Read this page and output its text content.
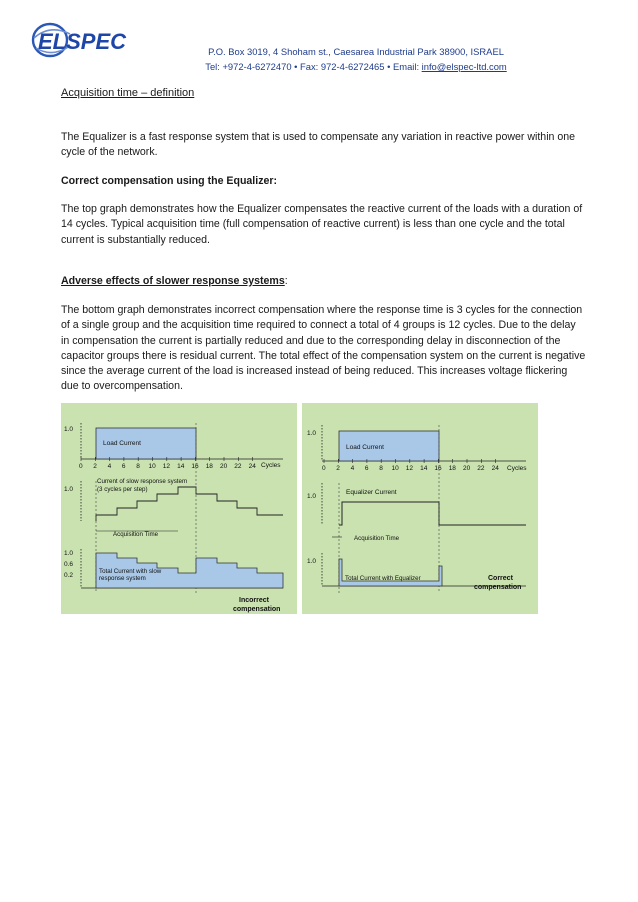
ELSPEC	P.O. Box 3019, 4 Shoham st., Caesarea Industrial Park 38900, ISRAEL
Tel: +972-4-6272470 • Fax: 972-4-6272465 • Email: info@elspec-ltd.com
Acquisition time – definition
The Equalizer is a fast response system that is used to compensate any variation in reactive power within one cycle of the network.
Correct compensation using the Equalizer:
The top graph demonstrates how the Equalizer compensates the reactive current of the loads with a duration of 14 cycles. Typical acquisition time (full compensation of reactive current) is less than one cycle and the total current is substantially reduced.
Adverse effects of slower response systems:
The bottom graph demonstrates incorrect compensation where the response time is 3 cycles for the connection of a single group and the acquisition time required to connect a total of 4 groups is 12 cycles. Due to the delay in compensation the current is partially reduced and due to the corresponding delay in disconnection of the capacitor groups there is residual current. The total effect of the compensation system on the current is negative since the average current of the load is increased instead of being reduced. This increases voltage flickering due to overcompensation.
1.0
Load Current
0 2 4 6 8 10 12 14 16 18 20 22 24 Cycles
1.0
Current of slow response system
(3 cycles per step)
Acquisition Time
1.0
0.6
0.2
Total Current with slow
response system
Incorrect
compensation
1.0
Load Current
0 2 4 6 8 10 12 14 16 18 20 22 24 Cycles
1.0
Equalizer Current
Acquisition Time
1.0
Total Current with Equalizer	Correct
compensation
